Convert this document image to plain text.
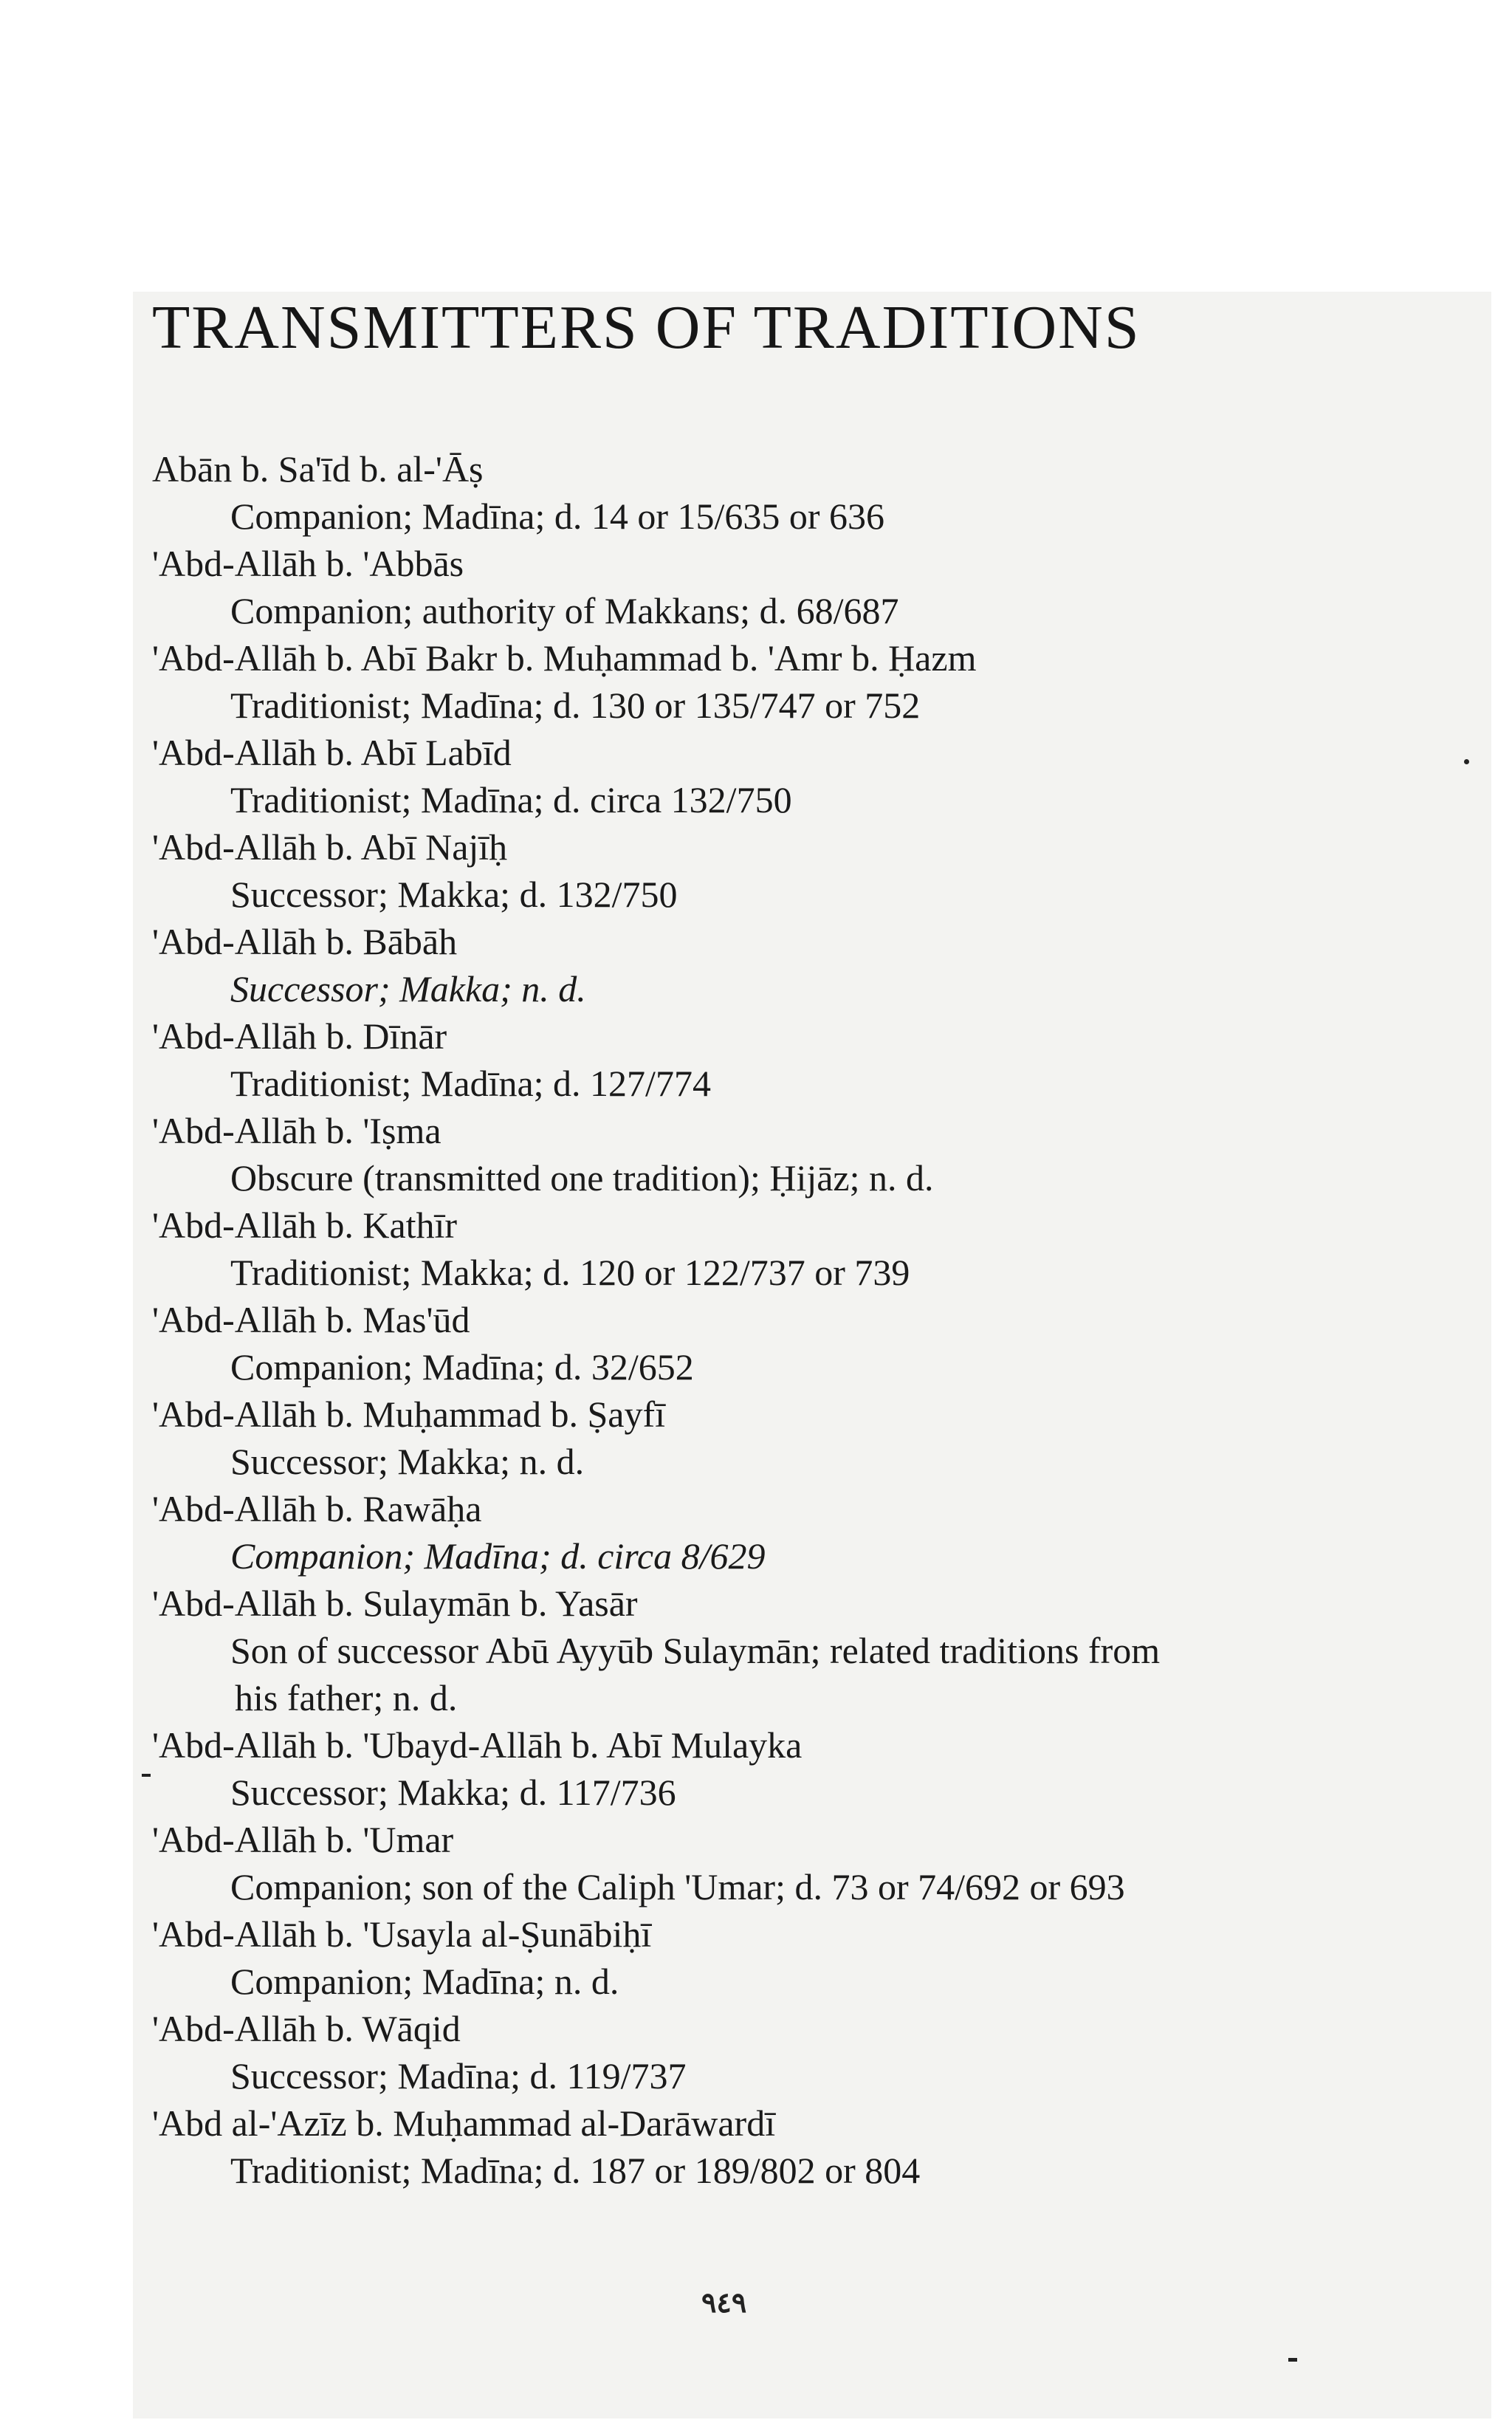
TRANSMITTERS OF TRADITIONS
Abān b. Sa'īd b. al-'Āṣ
Companion; Madīna; d. 14 or 15/635 or 636
'Abd-Allāh b. 'Abbās
Companion; authority of Makkans; d. 68/687
'Abd-Allāh b. Abī Bakr b. Muḥammad b. 'Amr b. Ḥazm
Traditionist; Madīna; d. 130 or 135/747 or 752
'Abd-Allāh b. Abī Labīd
Traditionist; Madīna; d. circa 132/750
'Abd-Allāh b. Abī Najīḥ
Successor; Makka; d. 132/750
'Abd-Allāh b. Bābāh
Successor; Makka; n. d.
'Abd-Allāh b. Dīnār
Traditionist; Madīna; d. 127/774
'Abd-Allāh b. 'Iṣma
Obscure (transmitted one tradition); Ḥijāz; n. d.
'Abd-Allāh b. Kathīr
Traditionist; Makka; d. 120 or 122/737 or 739
'Abd-Allāh b. Mas'ūd
Companion; Madīna; d. 32/652
'Abd-Allāh b. Muḥammad b. Ṣayfī
Successor; Makka; n. d.
'Abd-Allāh b. Rawāḥa
Companion; Madīna; d. circa 8/629
'Abd-Allāh b. Sulaymān b. Yasār
Son of successor Abū Ayyūb Sulaymān; related traditions from
his father; n. d.
'Abd-Allāh b. 'Ubayd-Allāh b. Abī Mulayka
Successor; Makka; d. 117/736
'Abd-Allāh b. 'Umar
Companion; son of the Caliph 'Umar; d. 73 or 74/692 or 693
'Abd-Allāh b. 'Usayla al-Ṣunābiḥī
Companion; Madīna; n. d.
'Abd-Allāh b. Wāqid
Successor; Madīna; d. 119/737
'Abd al-'Azīz b. Muḥammad al-Darāwardī
Traditionist; Madīna; d. 187 or 189/802 or 804
٩٤٩
